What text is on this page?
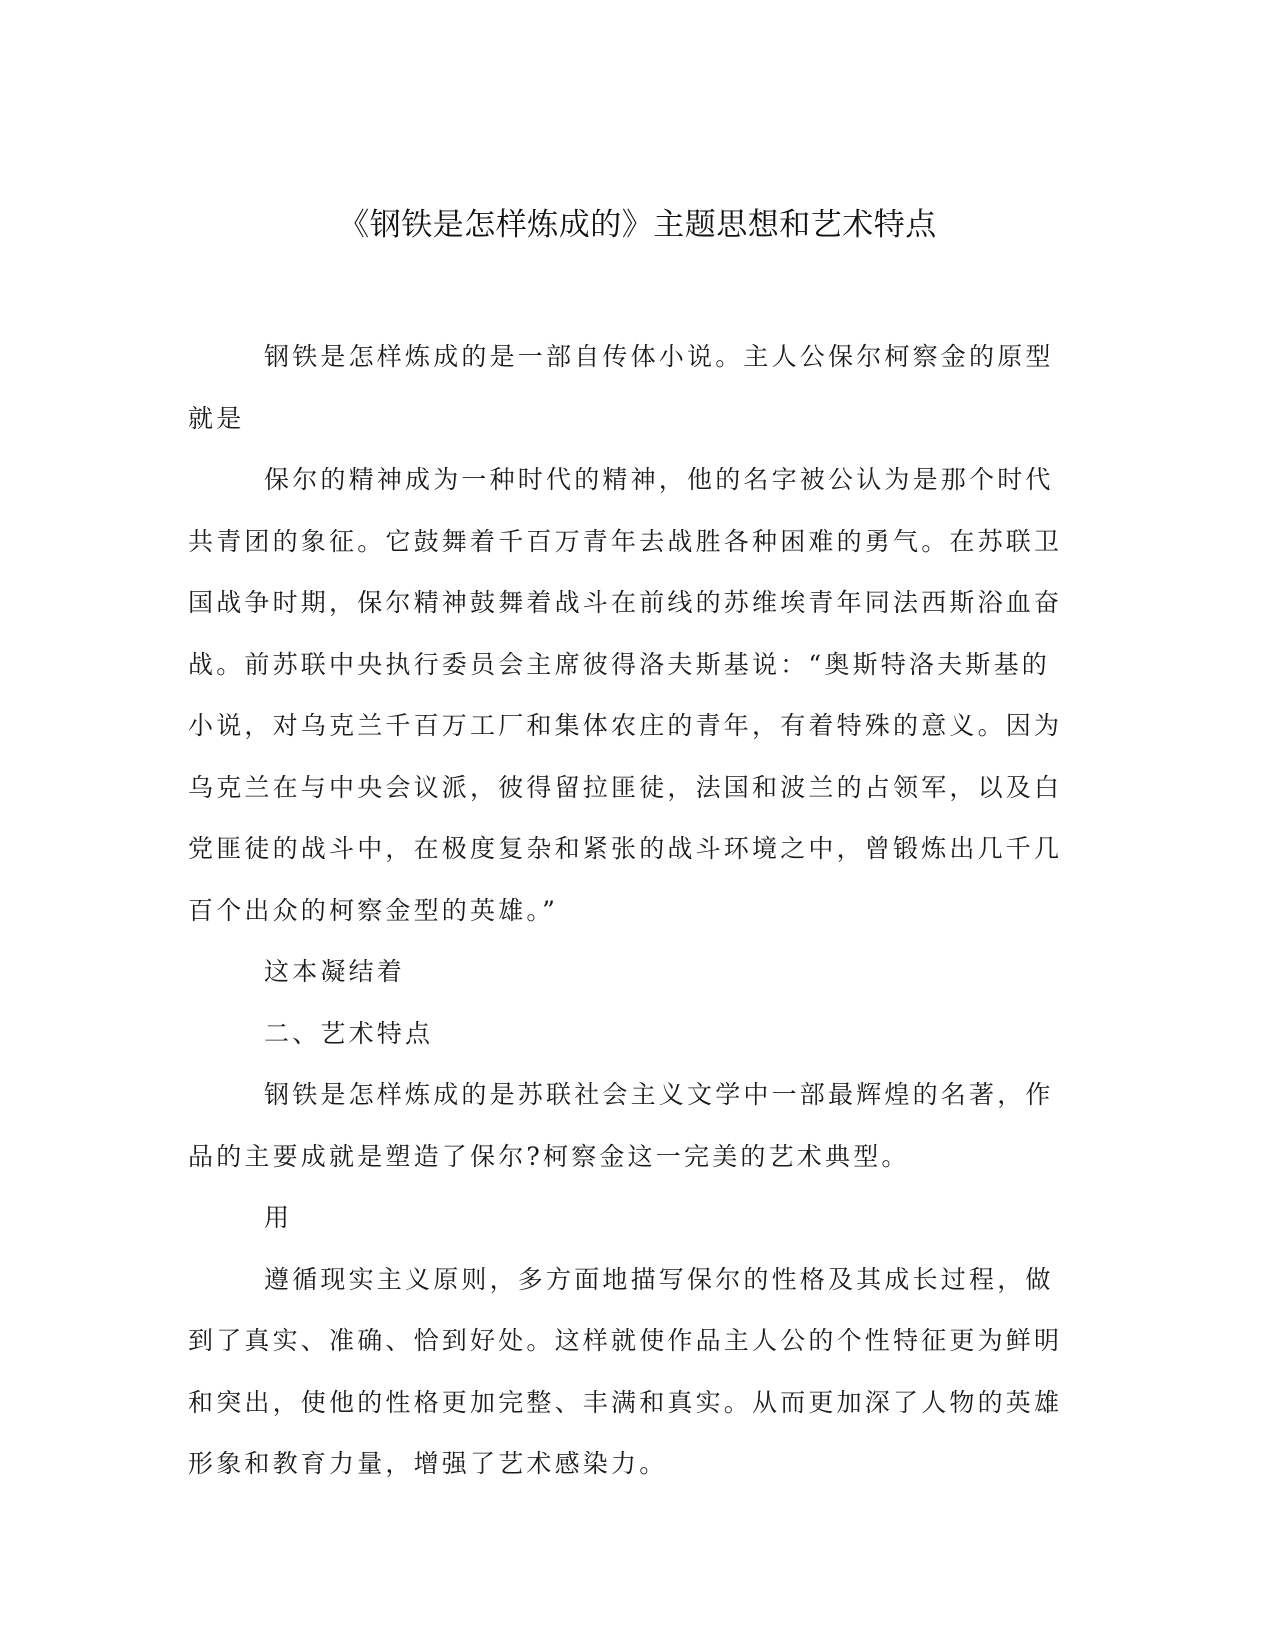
《钢铁是怎样炼成的》主题思想和艺术特点

钢铁是怎样炼成的是一部自传体小说。主人公保尔柯察金的原型就是

保尔的精神成为一种时代的精神，他的名字被公认为是那个时代共青团的象征。它鼓舞着千百万青年去战胜各种困难的勇气。在苏联卫国战争时期，保尔精神鼓舞着战斗在前线的苏维埃青年同法西斯浴血奋战。前苏联中央执行委员会主席彼得洛夫斯基说：“奥斯特洛夫斯基的小说，对乌克兰千百万工厂和集体农庄的青年，有着特殊的意义。因为乌克兰在与中央会议派，彼得留拉匪徒，法国和波兰的占领军，以及白党匪徒的战斗中，在极度复杂和紧张的战斗环境之中，曾锻炼出几千几百个出众的柯察金型的英雄。”

这本凝结着

二、艺术特点

钢铁是怎样炼成的是苏联社会主义文学中一部最辉煌的名著，作品的主要成就是塑造了保尔?柯察金这一完美的艺术典型。

用

遵循现实主义原则，多方面地描写保尔的性格及其成长过程，做到了真实、准确、恰到好处。这样就使作品主人公的个性特征更为鲜明和突出，使他的性格更加完整、丰满和真实。从而更加深了人物的英雄形象和教育力量，增强了艺术感染力。
